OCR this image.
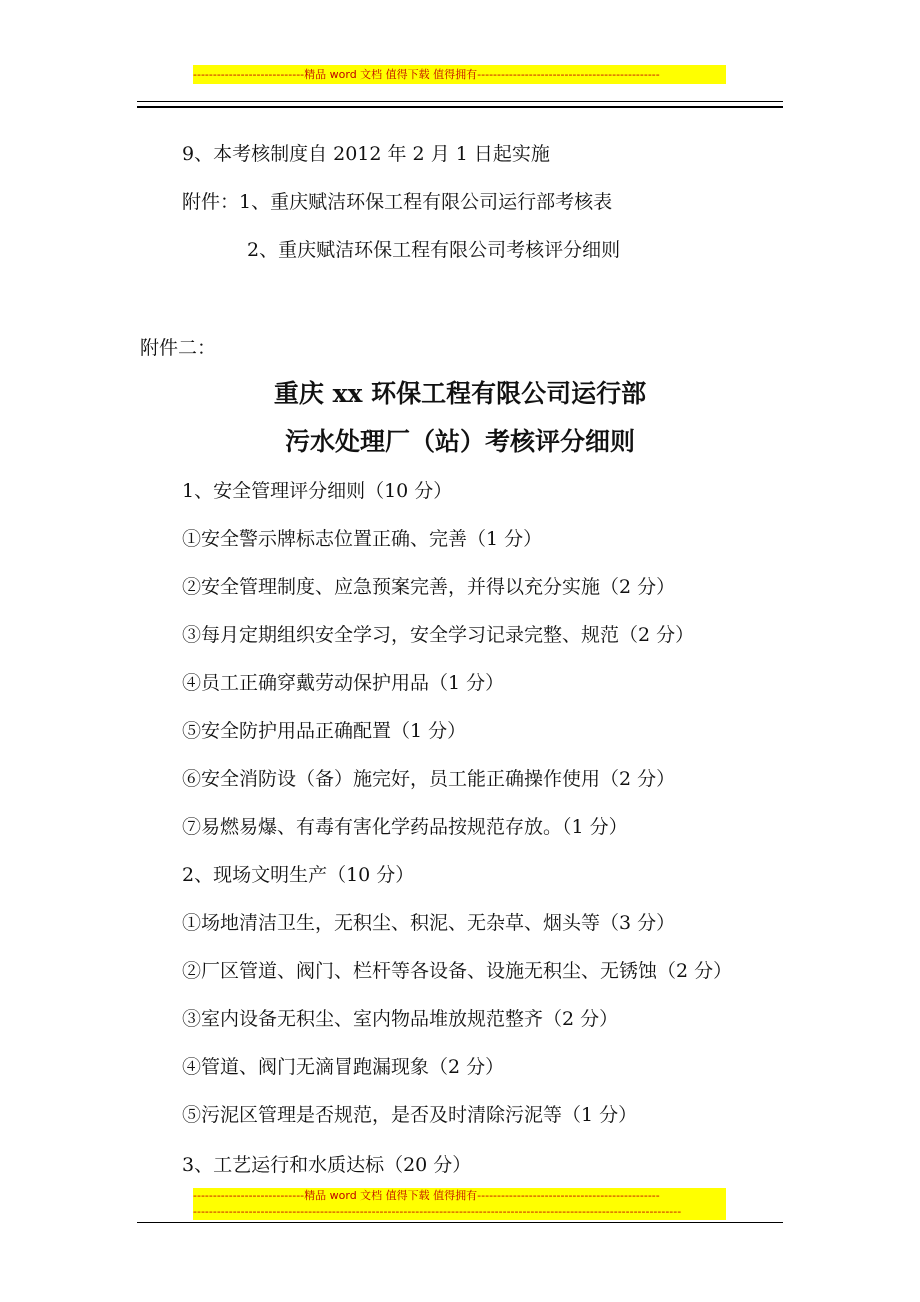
----------------------------精品 word 文档 值得下载 值得拥有----------------------------------------------
9、本考核制度自 2012 年 2 月 1 日起实施
附件：1、重庆赋洁环保工程有限公司运行部考核表
2、重庆赋洁环保工程有限公司考核评分细则
附件二：
重庆 xx 环保工程有限公司运行部
污水处理厂（站）考核评分细则
1、安全管理评分细则（10 分）
①安全警示牌标志位置正确、完善（1 分）
②安全管理制度、应急预案完善，并得以充分实施（2 分）
③每月定期组织安全学习，安全学习记录完整、规范（2 分）
④员工正确穿戴劳动保护用品（1 分）
⑤安全防护用品正确配置（1 分）
⑥安全消防设（备）施完好，员工能正确操作使用（2 分）
⑦易燃易爆、有毒有害化学药品按规范存放。（1 分）
2、现场文明生产（10 分）
①场地清洁卫生，无积尘、积泥、无杂草、烟头等（3 分）
②厂区管道、阀门、栏杆等各设备、设施无积尘、无锈蚀（2 分）
③室内设备无积尘、室内物品堆放规范整齐（2 分）
④管道、阀门无滴冒跑漏现象（2 分）
⑤污泥区管理是否规范，是否及时清除污泥等（1 分）
3、工艺运行和水质达标（20 分）
----------------------------精品 word 文档 值得下载 值得拥有----------------------------------------------
---------------------------------------------------------------------------------------------------------------------------
